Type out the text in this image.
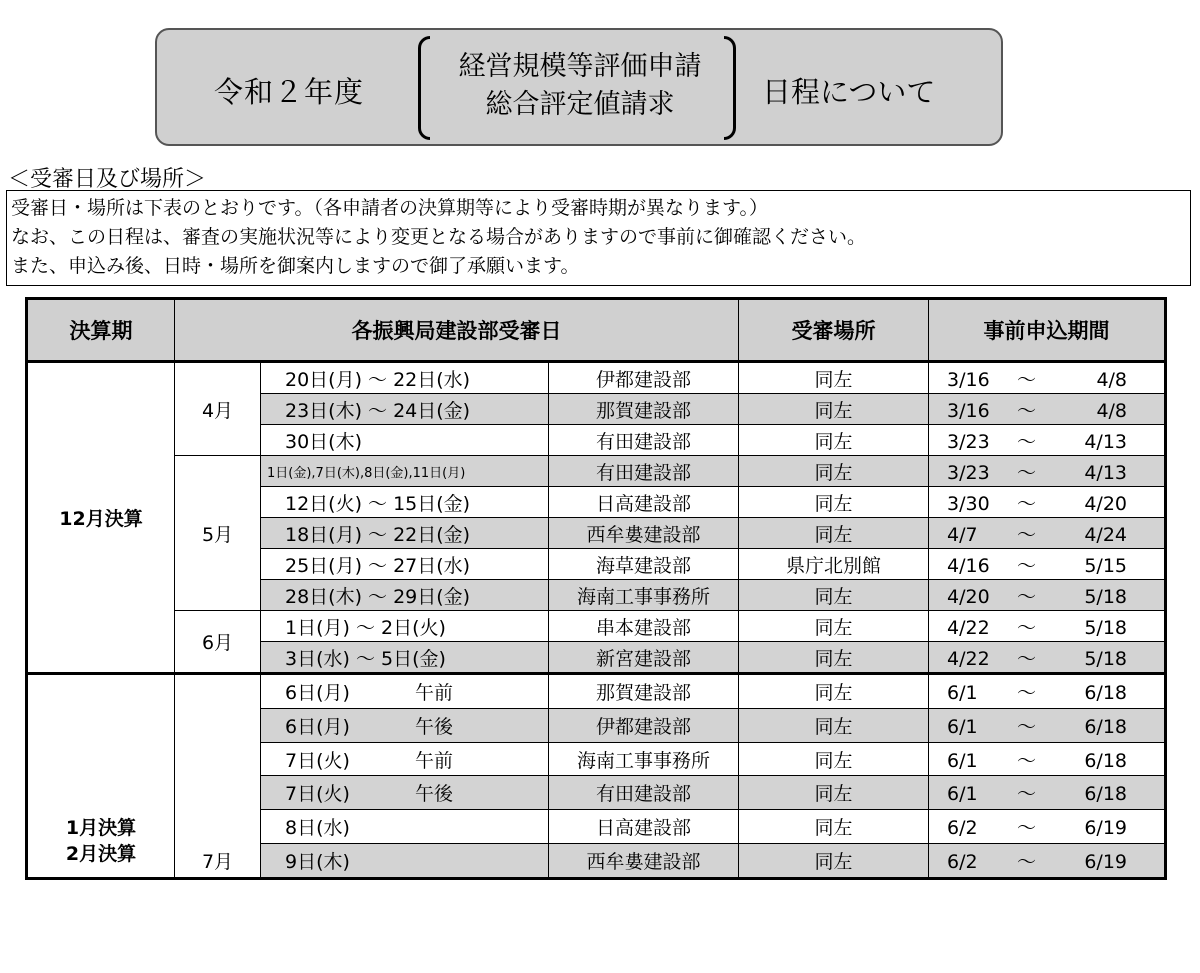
令和２年度
経営規模等評価申請
総合評定値請求	日程について
＜受審日及び場所＞
受審日・場所は下表のとおりです。（各申請者の決算期等により受審時期が異なります。）
なお、この日程は、審査の実施状況等により変更となる場合がありますので事前に御確認ください。
また、申込み後、日時・場所を御案内しますので御了承願います。
決算期	各振興局建設部受審日			受審場所	事前申込期間
12月決算	4月	20日(月) ～ 22日(水)	伊都建設部	同左	3/16 ～ 4/8
		23日(木) ～ 24日(金)	那賀建設部	同左	3/16 ～ 4/8
		30日(木)	有田建設部	同左	3/23 ～ 4/13
	5月	1日(金),7日(木),8日(金),11日(月)	有田建設部	同左	3/23 ～ 4/13
		12日(火) ～ 15日(金)	日高建設部	同左	3/30 ～ 4/20
		18日(月) ～ 22日(金)	西牟婁建設部	同左	4/7 ～ 4/24
		25日(月) ～ 27日(水)	海草建設部	県庁北別館	4/16 ～ 5/15
		28日(木) ～ 29日(金)	海南工事事務所	同左	4/20 ～ 5/18
	6月	1日(月) ～ 2日(火)	串本建設部	同左	4/22 ～ 5/18
		3日(水) ～ 5日(金)	新宮建設部	同左	4/22 ～ 5/18

1月決算
2月決算	7月	6日(月) 午前	那賀建設部	同左	6/1 ～ 6/18
		6日(月) 午後	伊都建設部	同左	6/1 ～ 6/18
		7日(火) 午前	海南工事事務所	同左	6/1 ～ 6/18
		7日(火) 午後	有田建設部	同左	6/1 ～ 6/18
		8日(水)	日高建設部	同左	6/2 ～ 6/19
		9日(木)	西牟婁建設部	同左	6/2 ～ 6/19
